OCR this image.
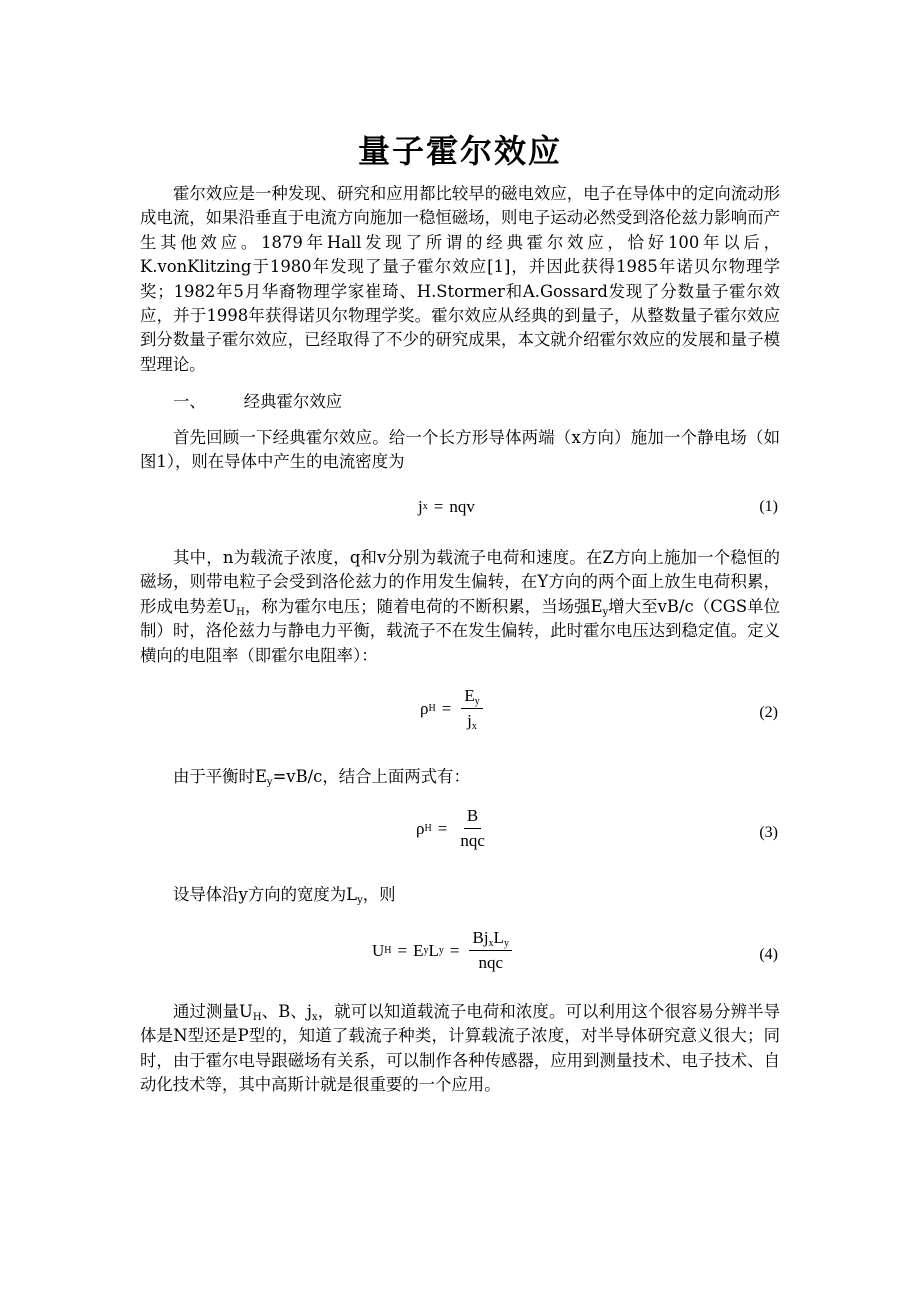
量子霍尔效应

霍尔效应是一种发现、研究和应用都比较早的磁电效应，电子在导体中的定向流动形成电流，如果沿垂直于电流方向施加一稳恒磁场，则电子运动必然受到洛伦兹力影响而产生其他效应。1879年Hall发现了所谓的经典霍尔效应，恰好100年以后，K.vonKlitzing于1980年发现了量子霍尔效应[1]，并因此获得1985年诺贝尔物理学奖；1982年5月华裔物理学家崔琦、H.Stormer和A.Gossard发现了分数量子霍尔效应，并于1998年获得诺贝尔物理学奖。霍尔效应从经典的到量子，从整数量子霍尔效应到分数量子霍尔效应，已经取得了不少的研究成果，本文就介绍霍尔效应的发展和量子模型理论。

一、 经典霍尔效应

首先回顾一下经典霍尔效应。给一个长方形导体两端（x方向）施加一个静电场（如图1），则在导体中产生的电流密度为

j x = nqv	(1)

其中，n为载流子浓度，q和v分别为载流子电荷和速度。在Z方向上施加一个稳恒的磁场，则带电粒子会受到洛伦兹力的作用发生偏转，在Y方向的两个面上放生电荷积累，形成电势差$U_H$，称为霍尔电压；随着电荷的不断积累，当场强$E_y$增大至vB/c（CGS单位制）时，洛伦兹力与静电力平衡，载流子不在发生偏转，此时霍尔电压达到稳定值。定义横向的电阻率（即霍尔电阻率）：

ρ $H = \frac{E_y}{j_x}$	(2)

由于平衡时$E_y=vB/c$，结合上面两式有：

ρ $H = \frac{B}{\text{nqc}}$	(3)

设导体沿y方向的宽度为$L_y$，则

U H = E y L $y = \frac{Bj_xL_y}{\text{nqc}}$	(4)

通过测量$U_H$、B、$j_x$，就可以知道载流子电荷和浓度。可以利用这个很容易分辨半导体是N型还是P型的，知道了载流子种类，计算载流子浓度，对半导体研究意义很大；同时，由于霍尔电导跟磁场有关系，可以制作各种传感器，应用到测量技术、电子技术、自动化技术等，其中高斯计就是很重要的一个应用。
